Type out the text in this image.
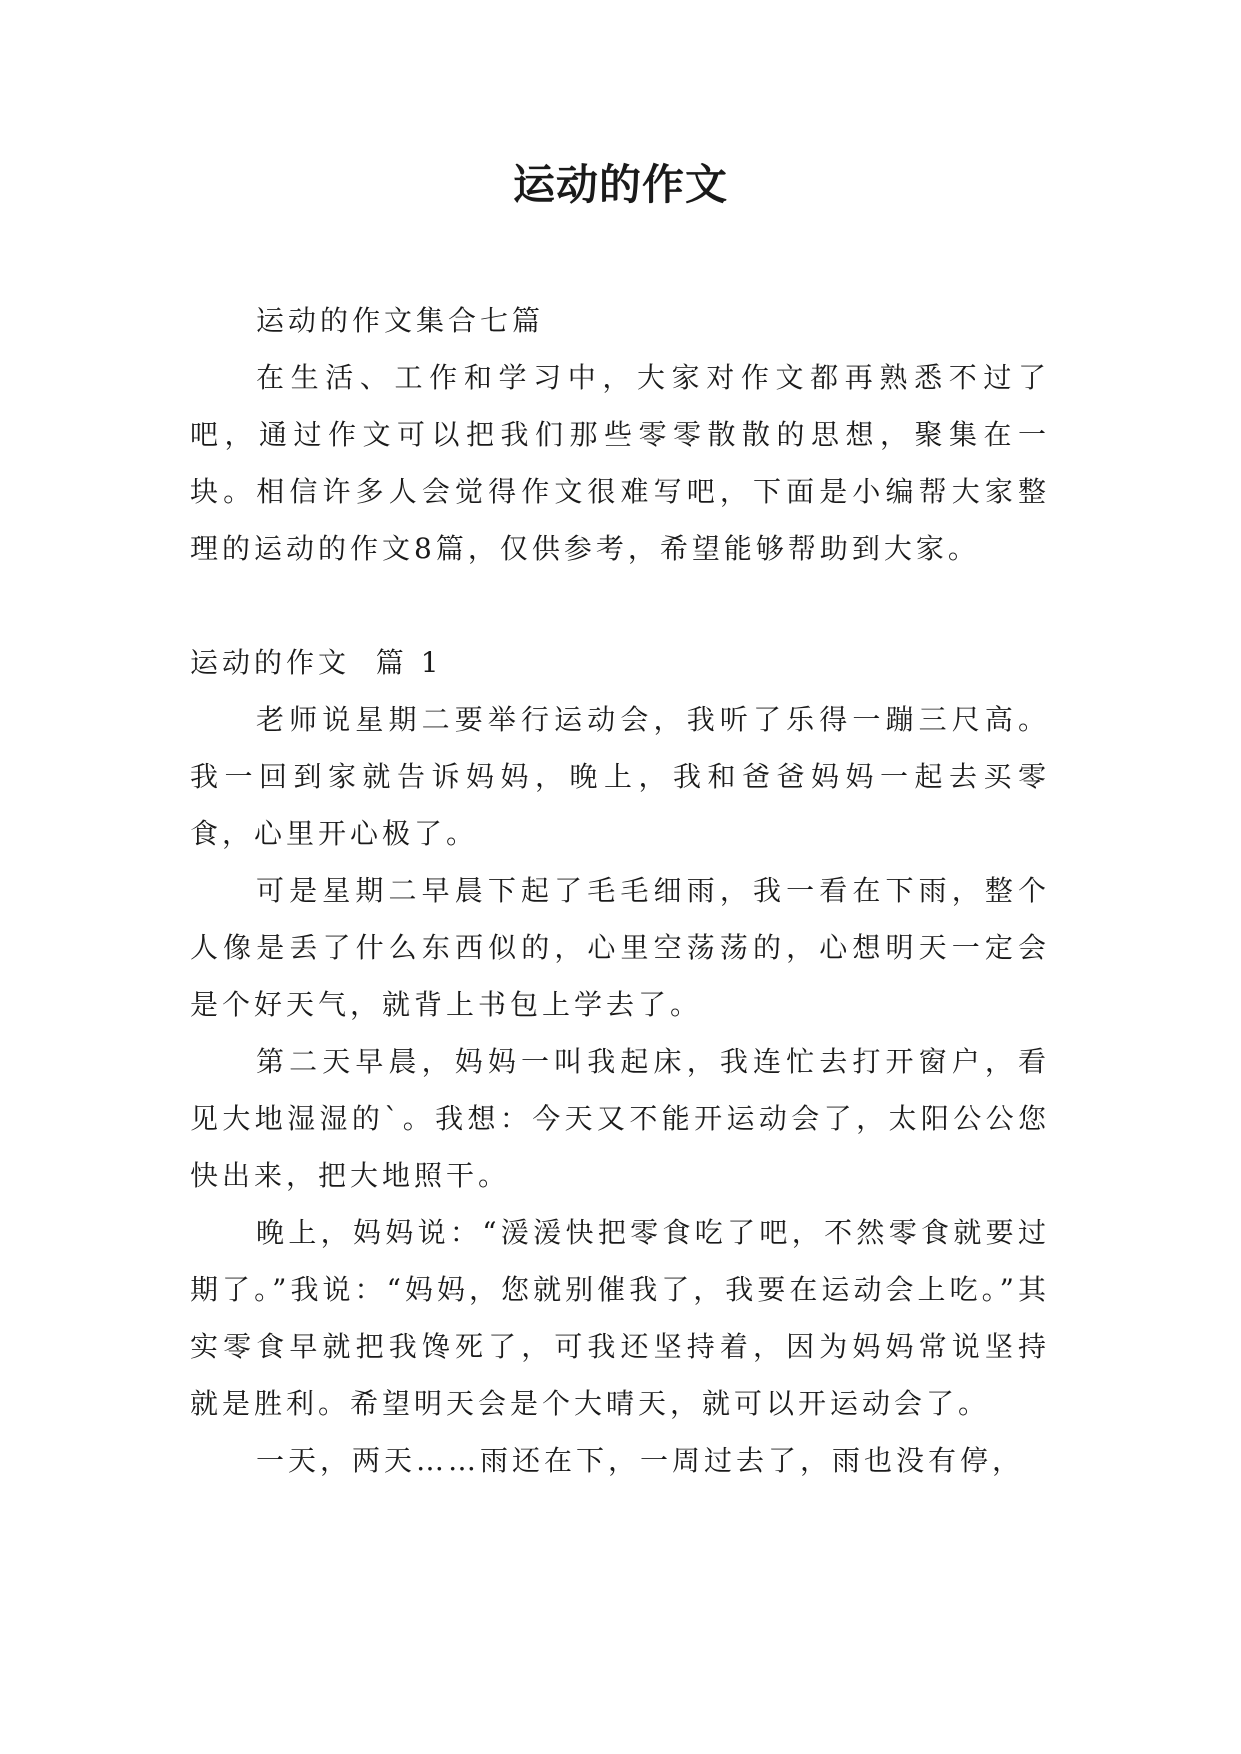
运动的作文

运动的作文集合七篇

在生活、工作和学习中，大家对作文都再熟悉不过了吧，通过作文可以把我们那些零零散散的思想，聚集在一块。相信许多人会觉得作文很难写吧，下面是小编帮大家整理的运动的作文8篇，仅供参考，希望能够帮助到大家。

运动的作文  篇 1

老师说星期二要举行运动会，我听了乐得一蹦三尺高。我一回到家就告诉妈妈，晚上，我和爸爸妈妈一起去买零食，心里开心极了。

可是星期二早晨下起了毛毛细雨，我一看在下雨，整个人像是丢了什么东西似的，心里空荡荡的，心想明天一定会是个好天气，就背上书包上学去了。

第二天早晨，妈妈一叫我起床，我连忙去打开窗户，看见大地湿湿的`。我想：今天又不能开运动会了，太阳公公您快出来，把大地照干。

晚上，妈妈说：“湲湲快把零食吃了吧，不然零食就要过期了。”我说：“妈妈，您就别催我了，我要在运动会上吃。”其实零食早就把我馋死了，可我还坚持着，因为妈妈常说坚持就是胜利。希望明天会是个大晴天，就可以开运动会了。

一天，两天……雨还在下，一周过去了，雨也没有停，
